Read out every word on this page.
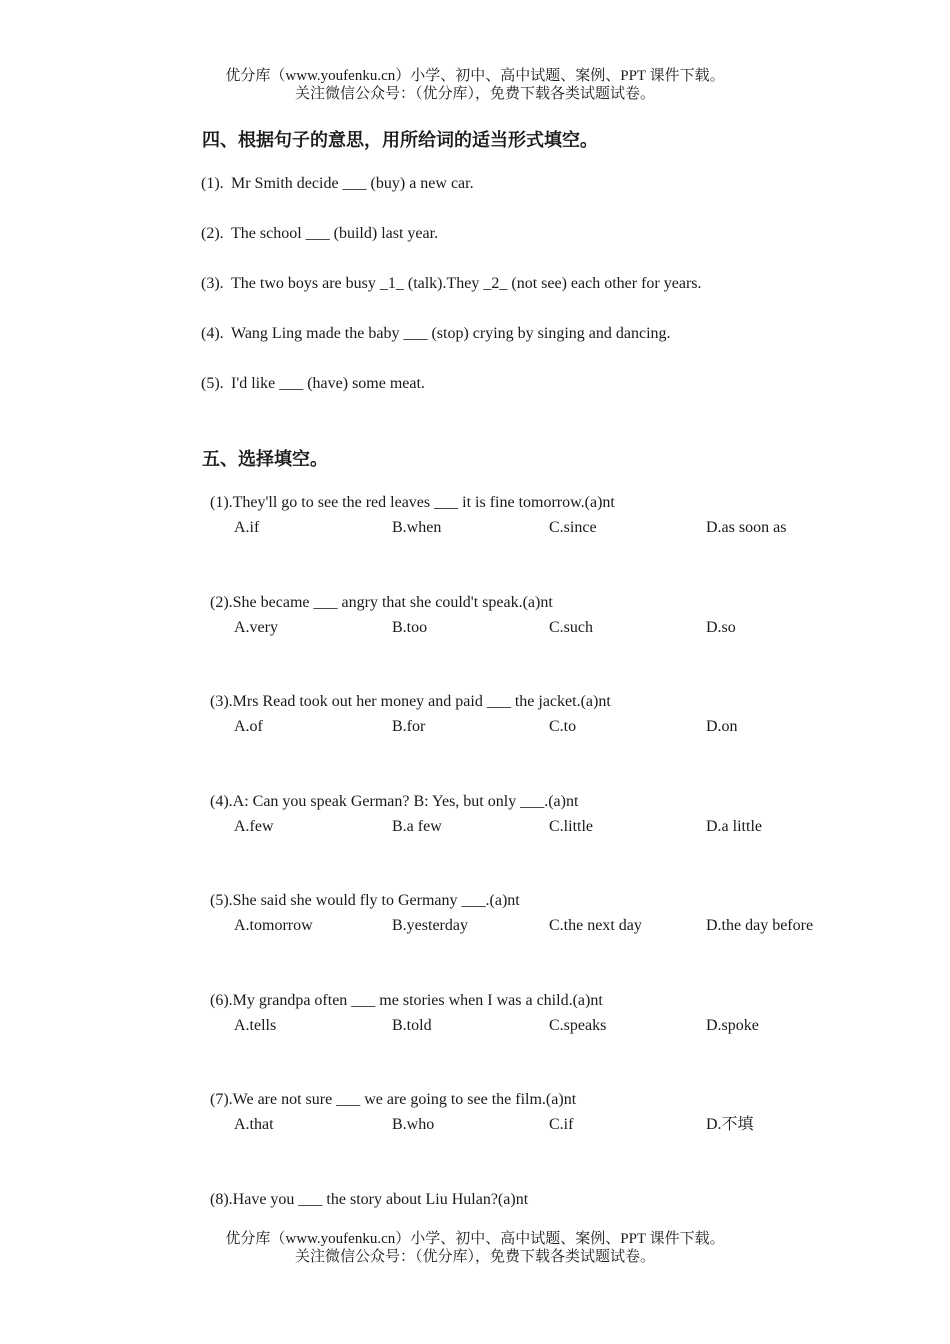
优分库（www.youfenku.cn）小学、初中、高中试题、案例、PPT 课件下载。
关注微信公众号：（优分库），免费下载各类试题试卷。
四、根据句子的意思，用所给词的适当形式填空。
(1). Mr Smith decide ___ (buy) a new car.
(2). The school ___ (build) last year.
(3). The two boys are busy _1_ (talk).They _2_ (not see) each other for years.
(4). Wang Ling made the baby ___ (stop) crying by singing and dancing.
(5). I'd like ___ (have) some meat.
五、选择填空。
(1).They'll go to see the red leaves ___ it is fine tomorrow.(a)nt
A.if	B.when	C.since	D.as soon as
(2).She became ___ angry that she could't speak.(a)nt
A.very	B.too	C.such	D.so
(3).Mrs Read took out her money and paid ___ the jacket.(a)nt
A.of	B.for	C.to	D.on
(4).A: Can you speak German? B: Yes, but only ___.(a)nt
A.few	B.a few	C.little	D.a little
(5).She said she would fly to Germany ___.(a)nt
A.tomorrow	B.yesterday	C.the next day	D.the day before
(6).My grandpa often ___ me stories when I was a child.(a)nt
A.tells	B.told	C.speaks	D.spoke
(7).We are not sure ___ we are going to see the film.(a)nt
A.that	B.who	C.if	D.不填
(8).Have you ___ the story about Liu Hulan?(a)nt
优分库（www.youfenku.cn）小学、初中、高中试题、案例、PPT 课件下载。
关注微信公众号：（优分库），免费下载各类试题试卷。
